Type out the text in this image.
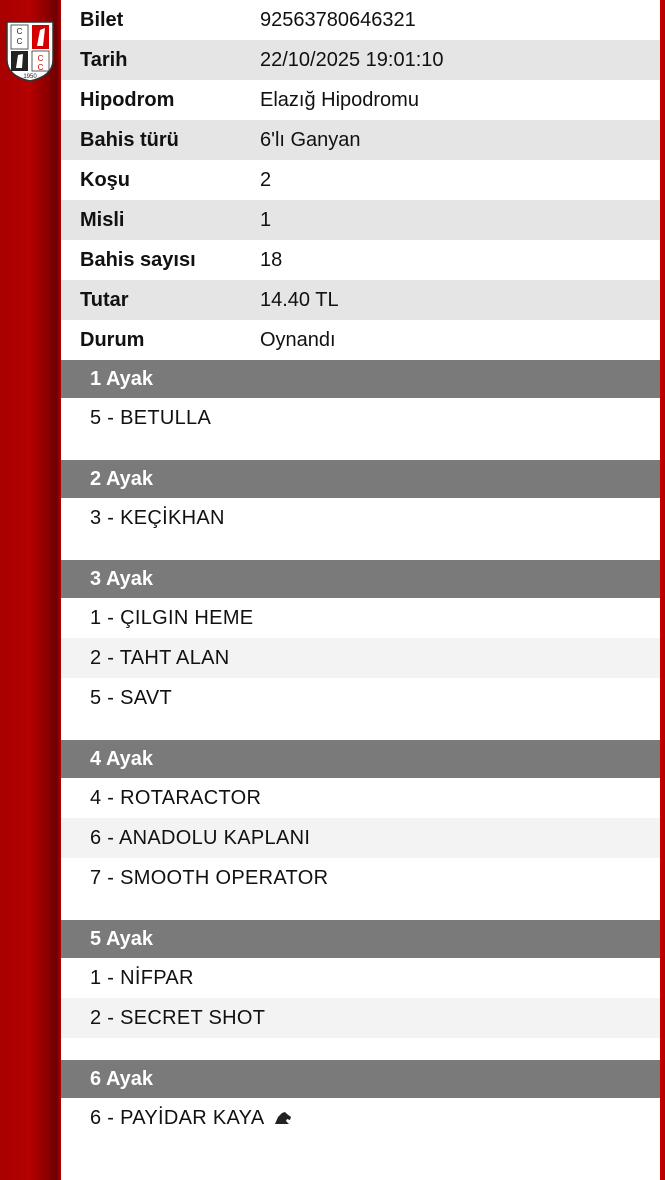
C
C
C
C
1950
Bilet	92563780646321
Tarih	22/10/2025 19:01:10
Hipodrom	Elazığ Hipodromu
Bahis türü	6'lı Ganyan
Koşu	2
Misli	1
Bahis sayısı	18
Tutar	14.40 TL
Durum	Oynandı
1 Ayak
5 - BETULLA
2 Ayak
3 - KEÇİKHAN
3 Ayak
1 - ÇILGIN HEME
2 - TAHT ALAN
5 - SAVT
4 Ayak
4 - ROTARACTOR
6 - ANADOLU KAPLANI
7 - SMOOTH OPERATOR
5 Ayak
1 - NİFPAR
2 - SECRET SHOT
6 Ayak
6 - PAYİDAR KAYA
